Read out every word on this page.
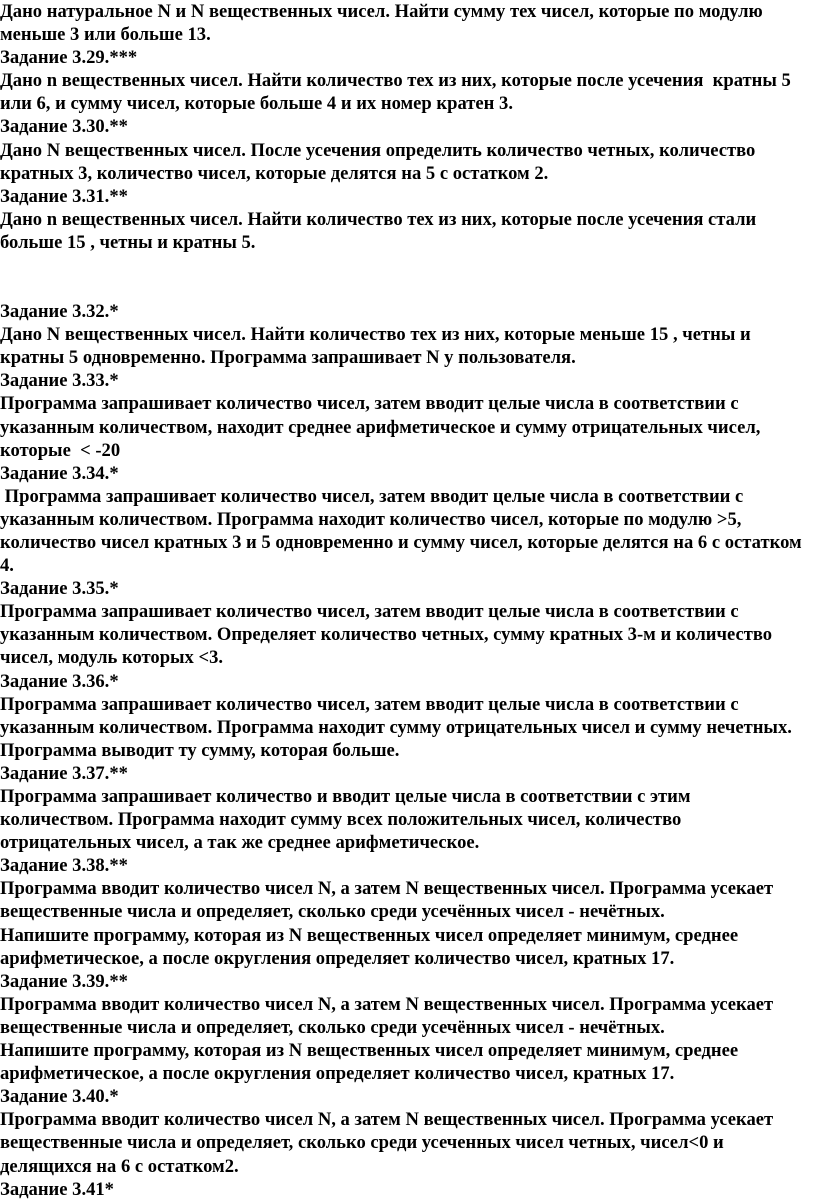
Дано натуральное N и N вещественных чисел. Найти сумму тех чисел, которые по модулю меньше 3 или больше 13.

Задание 3.29.***

Дано n вещественных чисел. Найти количество тех из них, которые после усечения  кратны 5 или 6, и сумму чисел, которые больше 4 и их номер кратен 3.

Задание 3.30.**

Дано N вещественных чисел. После усечения определить количество четных, количество кратных 3, количество чисел, которые делятся на 5 с остатком 2.

Задание 3.31.**

Дано n вещественных чисел. Найти количество тех из них, которые после усечения стали больше 15 , четны и кратны 5.

Задание 3.32.*

Дано N вещественных чисел. Найти количество тех из них, которые меньше 15 , четны и кратны 5 одновременно. Программа запрашивает N у пользователя.

Задание 3.33.*

Программа запрашивает количество чисел, затем вводит целые числа в соответствии с указанным количеством, находит среднее арифметическое и сумму отрицательных чисел, которые  < -20

Задание 3.34.*

Программа запрашивает количество чисел, затем вводит целые числа в соответствии с указанным количеством. Программа находит количество чисел, которые по модулю >5, количество чисел кратных 3 и 5 одновременно и сумму чисел, которые делятся на 6 с остатком 4.

Задание 3.35.*

Программа запрашивает количество чисел, затем вводит целые числа в соответствии с указанным количеством. Определяет количество четных, сумму кратных 3-м и количество чисел, модуль которых <3.

Задание 3.36.*

Программа запрашивает количество чисел, затем вводит целые числа в соответствии с указанным количеством. Программа находит сумму отрицательных чисел и сумму нечетных. Программа выводит ту сумму, которая больше.

Задание 3.37.**

Программа запрашивает количество и вводит целые числа в соответствии с этим количеством. Программа находит сумму всех положительных чисел, количество отрицательных чисел, а так же среднее арифметическое.

Задание 3.38.**

Программа вводит количество чисел N, а затем N вещественных чисел. Программа усекает вещественные числа и определяет, сколько среди усечённых чисел - нечётных.

Напишите программу, которая из N вещественных чисел определяет минимум, среднее арифметическое, а после округления определяет количество чисел, кратных 17.

Задание 3.39.**

Программа вводит количество чисел N, а затем N вещественных чисел. Программа усекает вещественные числа и определяет, сколько среди усечённых чисел - нечётных.

Напишите программу, которая из N вещественных чисел определяет минимум, среднее арифметическое, а после округления определяет количество чисел, кратных 17.

Задание 3.40.*

Программа вводит количество чисел N, а затем N вещественных чисел. Программа усекает вещественные числа и определяет, сколько среди усеченных чисел четных, чисел<0 и делящихся на 6 с остатком2.

Задание 3.41*
